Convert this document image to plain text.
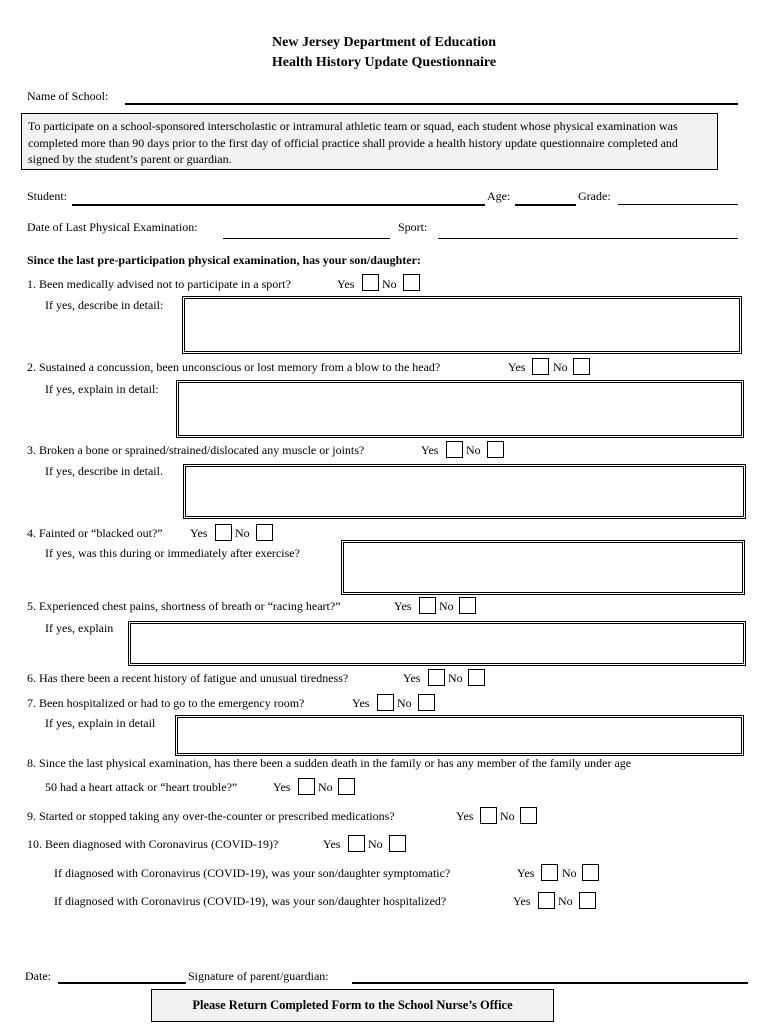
New Jersey Department of Education
Health History Update Questionnaire
Name of School:
To participate on a school-sponsored interscholastic or intramural athletic team or squad, each student whose physical examination was completed more than 90 days prior to the first day of official practice shall provide a health history update questionnaire completed and signed by the student’s parent or guardian.
Student:	Age:	Grade:
Date of Last Physical Examination:	Sport:
Since the last pre-participation physical examination, has your son/daughter:
1. Been medically advised not to participate in a sport?	Yes No
If yes, describe in detail:
2. Sustained a concussion, been unconscious or lost memory from a blow to the head?	Yes No
If yes, explain in detail:
3. Broken a bone or sprained/strained/dislocated any muscle or joints?	Yes No
If yes, describe in detail.
4. Fainted or “blacked out?” Yes No
If yes, was this during or immediately after exercise?
5. Experienced chest pains, shortness of breath or “racing heart?”	Yes No
If yes, explain
6. Has there been a recent history of fatigue and unusual tiredness?	Yes No
7. Been hospitalized or had to go to the emergency room?	Yes No
If yes, explain in detail
8. Since the last physical examination, has there been a sudden death in the family or has any member of the family under age
50 had a heart attack or “heart trouble?”	Yes No
9. Started or stopped taking any over-the-counter or prescribed medications?	Yes No
10. Been diagnosed with Coronavirus (COVID-19)?	Yes No
If diagnosed with Coronavirus (COVID-19), was your son/daughter symptomatic?	Yes No
If diagnosed with Coronavirus (COVID-19), was your son/daughter hospitalized?	Yes No
Date:	Signature of parent/guardian:
Please Return Completed Form to the School Nurse’s Office
